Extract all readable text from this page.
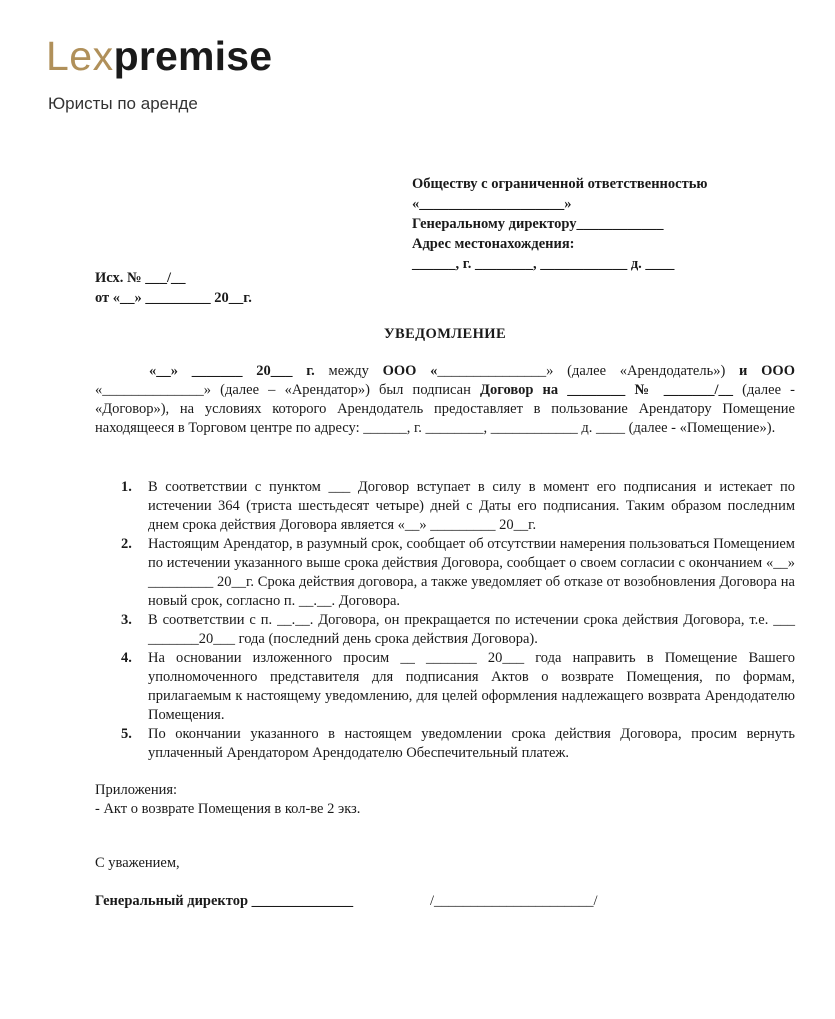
Lexpremise
Юристы по аренде
Обществу с ограниченной ответственностью
«____________________»
Генеральному директору____________
Адрес местонахождения:
______, г. ________, ____________ д. ____
Исх. № ___/__
от «__» _________ 20__г.
УВЕДОМЛЕНИЕ

«__» _______ 20___ г. между ООО «_______________» (далее «Арендодатель») и ООО «______________» (далее – «Арендатор») был подписан Договор на ________ № _______/__ (далее - «Договор»), на условиях которого Арендодатель предоставляет в пользование Арендатору Помещение находящееся в Торговом центре по адресу: ______, г. ________, ____________ д. ____ (далее - «Помещение»).

1. В соответствии с пунктом ___ Договор вступает в силу в момент его подписания и истекает по истечении 364 (триста шестьдесят четыре) дней с Даты его подписания. Таким образом последним днем срока действия Договора является «__» _________ 20__г.
2. Настоящим Арендатор, в разумный срок, сообщает об отсутствии намерения пользоваться Помещением по истечении указанного выше срока действия Договора, сообщает о своем согласии с окончанием «__» _________ 20__г. Срока действия договора, а также уведомляет об отказе от возобновления Договора на новый срок, согласно п. __.__. Договора.
3. В соответствии с п. __.__. Договора, он прекращается по истечении срока действия Договора, т.е. ___ _______20___ года (последний день срока действия Договора).
4. На основании изложенного просим __ _______ 20___ года направить в Помещение Вашего уполномоченного представителя для подписания Актов о возврате Помещения, по формам, прилагаемым к настоящему уведомлению, для целей оформления надлежащего возврата Арендодателю Помещения.
5. По окончании указанного в настоящем уведомлении срока действия Договора, просим вернуть уплаченный Арендатором Арендодателю Обеспечительный платеж.
Приложения:
- Акт о возврате Помещения в кол-ве 2 экз.
С уважением,
Генеральный директор ______________	/______________________/
